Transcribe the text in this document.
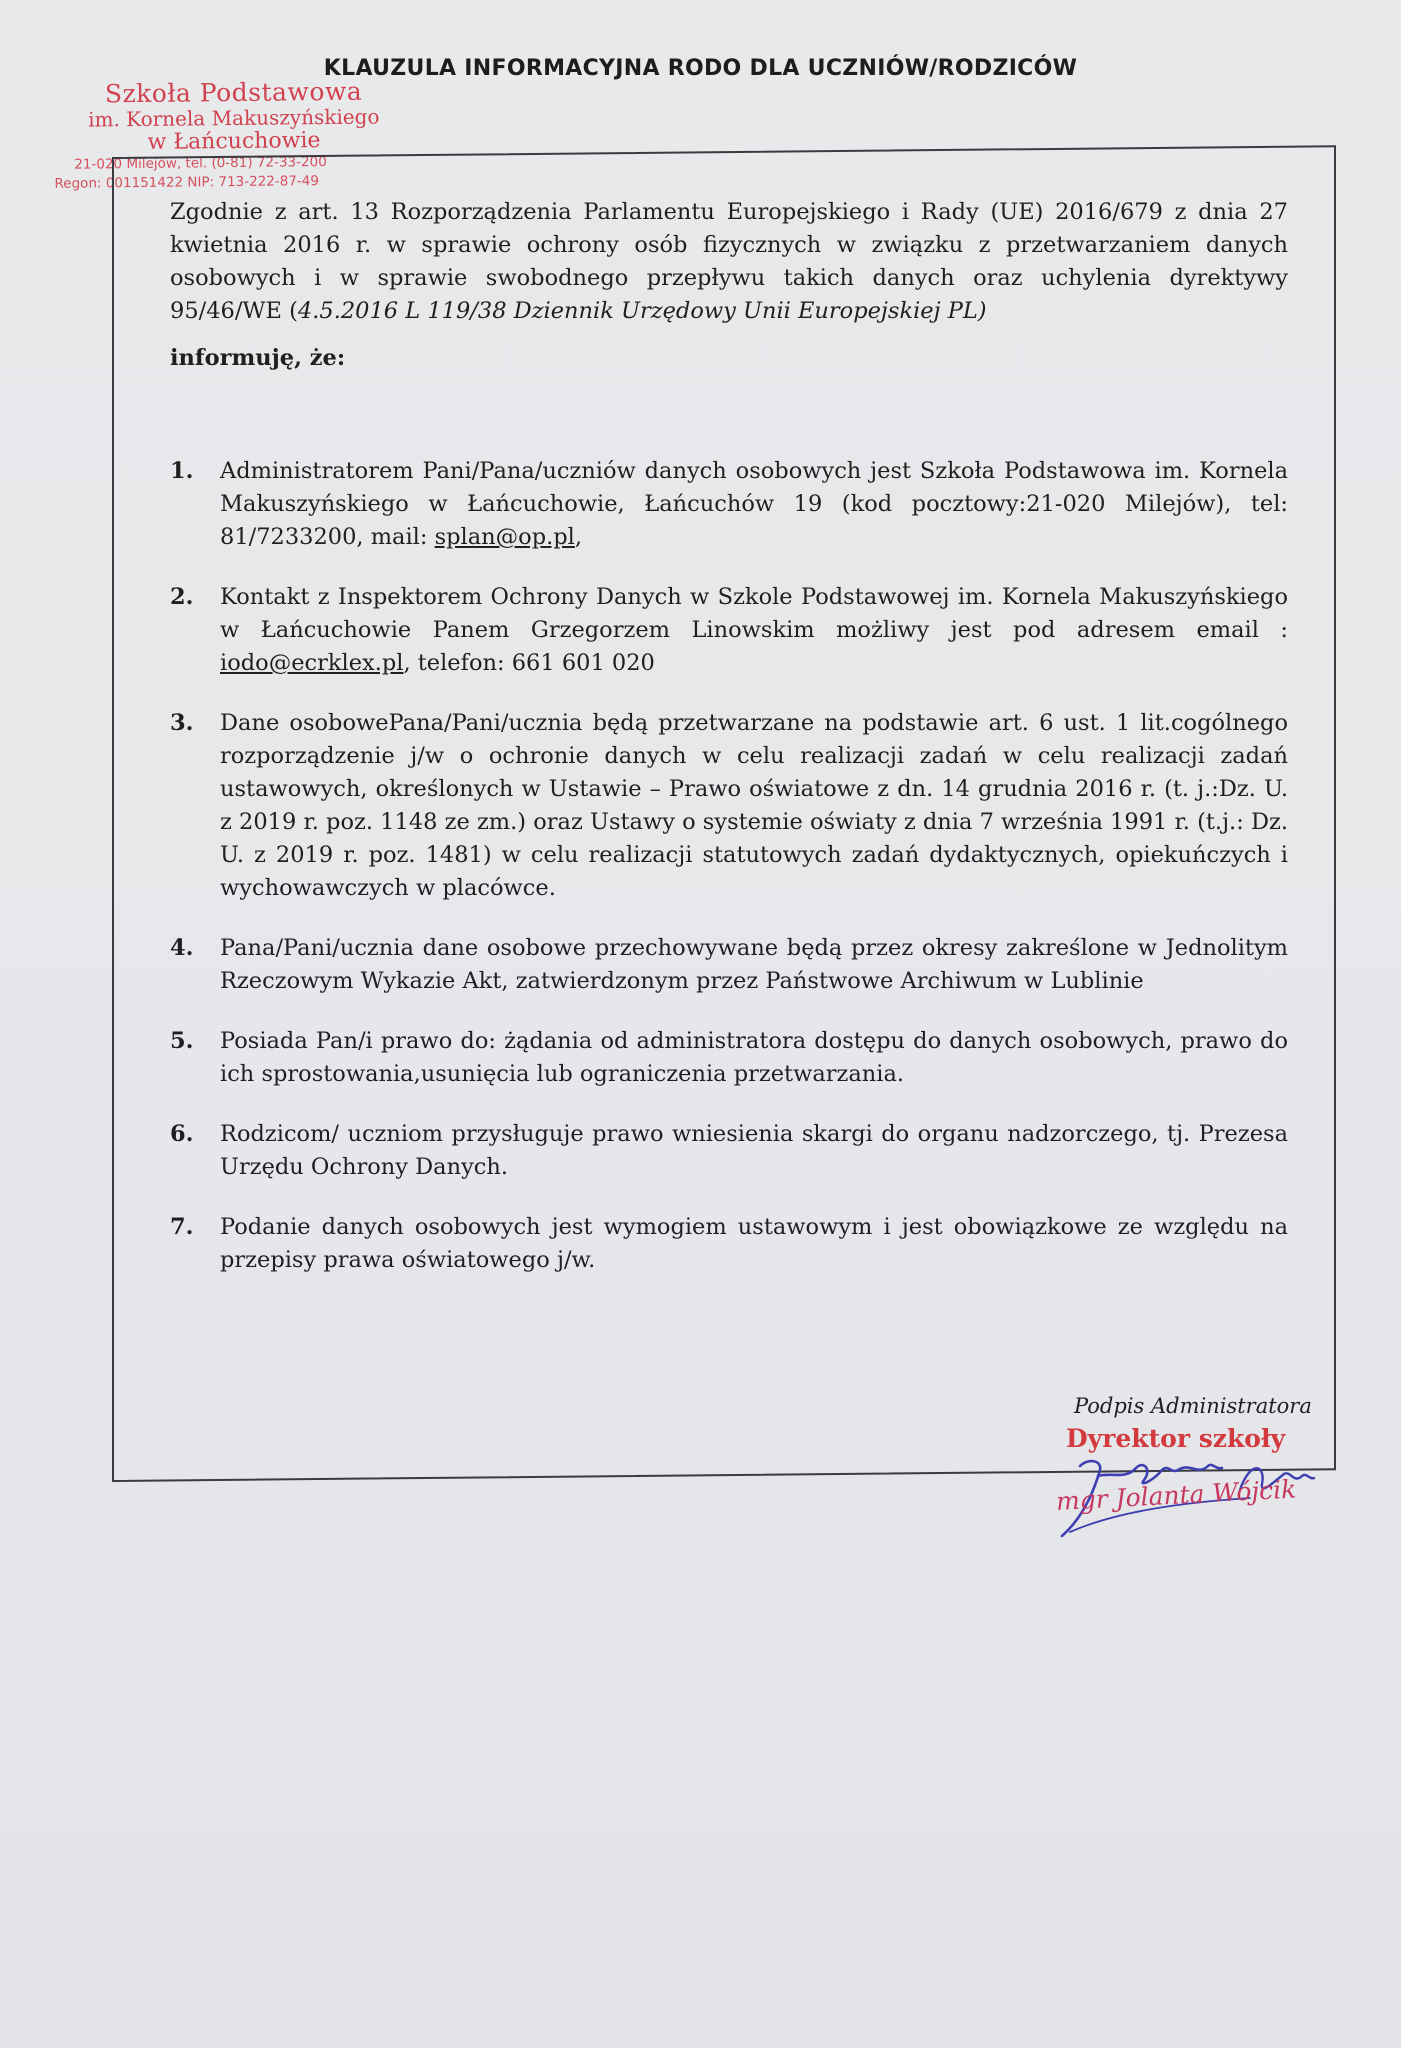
KLAUZULA INFORMACYJNA RODO DLA UCZNIÓW/RODZICÓW
Szkoła Podstawowa
im. Kornela Makuszyńskiego
w Łańcuchowie
21-020 Milejów, tel. (0-81) 72-33-200
Regon: 001151422 NIP: 713-222-87-49

Zgodnie z art. 13 Rozporządzenia Parlamentu Europejskiego i Rady (UE) 2016/679 z dnia 27 kwietnia 2016 r. w sprawie ochrony osób fizycznych w związku z przetwarzaniem danych osobowych i w sprawie swobodnego przepływu takich danych oraz uchylenia dyrektywy 95/46/WE (4.5.2016 L 119/38 Dziennik Urzędowy Unii Europejskiej PL)

informuję, że:

1. Administratorem Pani/Pana/uczniów danych osobowych jest Szkoła Podstawowa im. Kornela Makuszyńskiego w Łańcuchowie, Łańcuchów 19 (kod pocztowy:21-020 Milejów), tel: 81/7233200, mail: splan@op.pl,
2. Kontakt z Inspektorem Ochrony Danych w Szkole Podstawowej im. Kornela Makuszyńskiego w Łańcuchowie Panem Grzegorzem Linowskim możliwy jest pod adresem email : iodo@ecrklex.pl, telefon: 661 601 020
3. Dane osobowePana/Pani/ucznia będą przetwarzane na podstawie art. 6 ust. 1 lit.cogólnego rozporządzenie j/w o ochronie danych w celu realizacji zadań w celu realizacji zadań ustawowych, określonych w Ustawie – Prawo oświatowe z dn. 14 grudnia 2016 r. (t. j.:Dz. U. z 2019 r. poz. 1148 ze zm.) oraz Ustawy o systemie oświaty z dnia 7 września 1991 r. (t.j.: Dz. U. z 2019 r. poz. 1481) w celu realizacji statutowych zadań dydaktycznych, opiekuńczych i wychowawczych w placówce.
4. Pana/Pani/ucznia dane osobowe przechowywane będą przez okresy zakreślone w Jednolitym Rzeczowym Wykazie Akt, zatwierdzonym przez Państwowe Archiwum w Lublinie
5. Posiada Pan/i prawo do: żądania od administratora dostępu do danych osobowych, prawo do ich sprostowania,usunięcia lub ograniczenia przetwarzania.
6. Rodzicom/ uczniom przysługuje prawo wniesienia skargi do organu nadzorczego, tj. Prezesa Urzędu Ochrony Danych.
7. Podanie danych osobowych jest wymogiem ustawowym i jest obowiązkowe ze względu na przepisy prawa oświatowego j/w.
Podpis Administratora
Dyrektor szkoły
mgr Jolanta Wójcik
